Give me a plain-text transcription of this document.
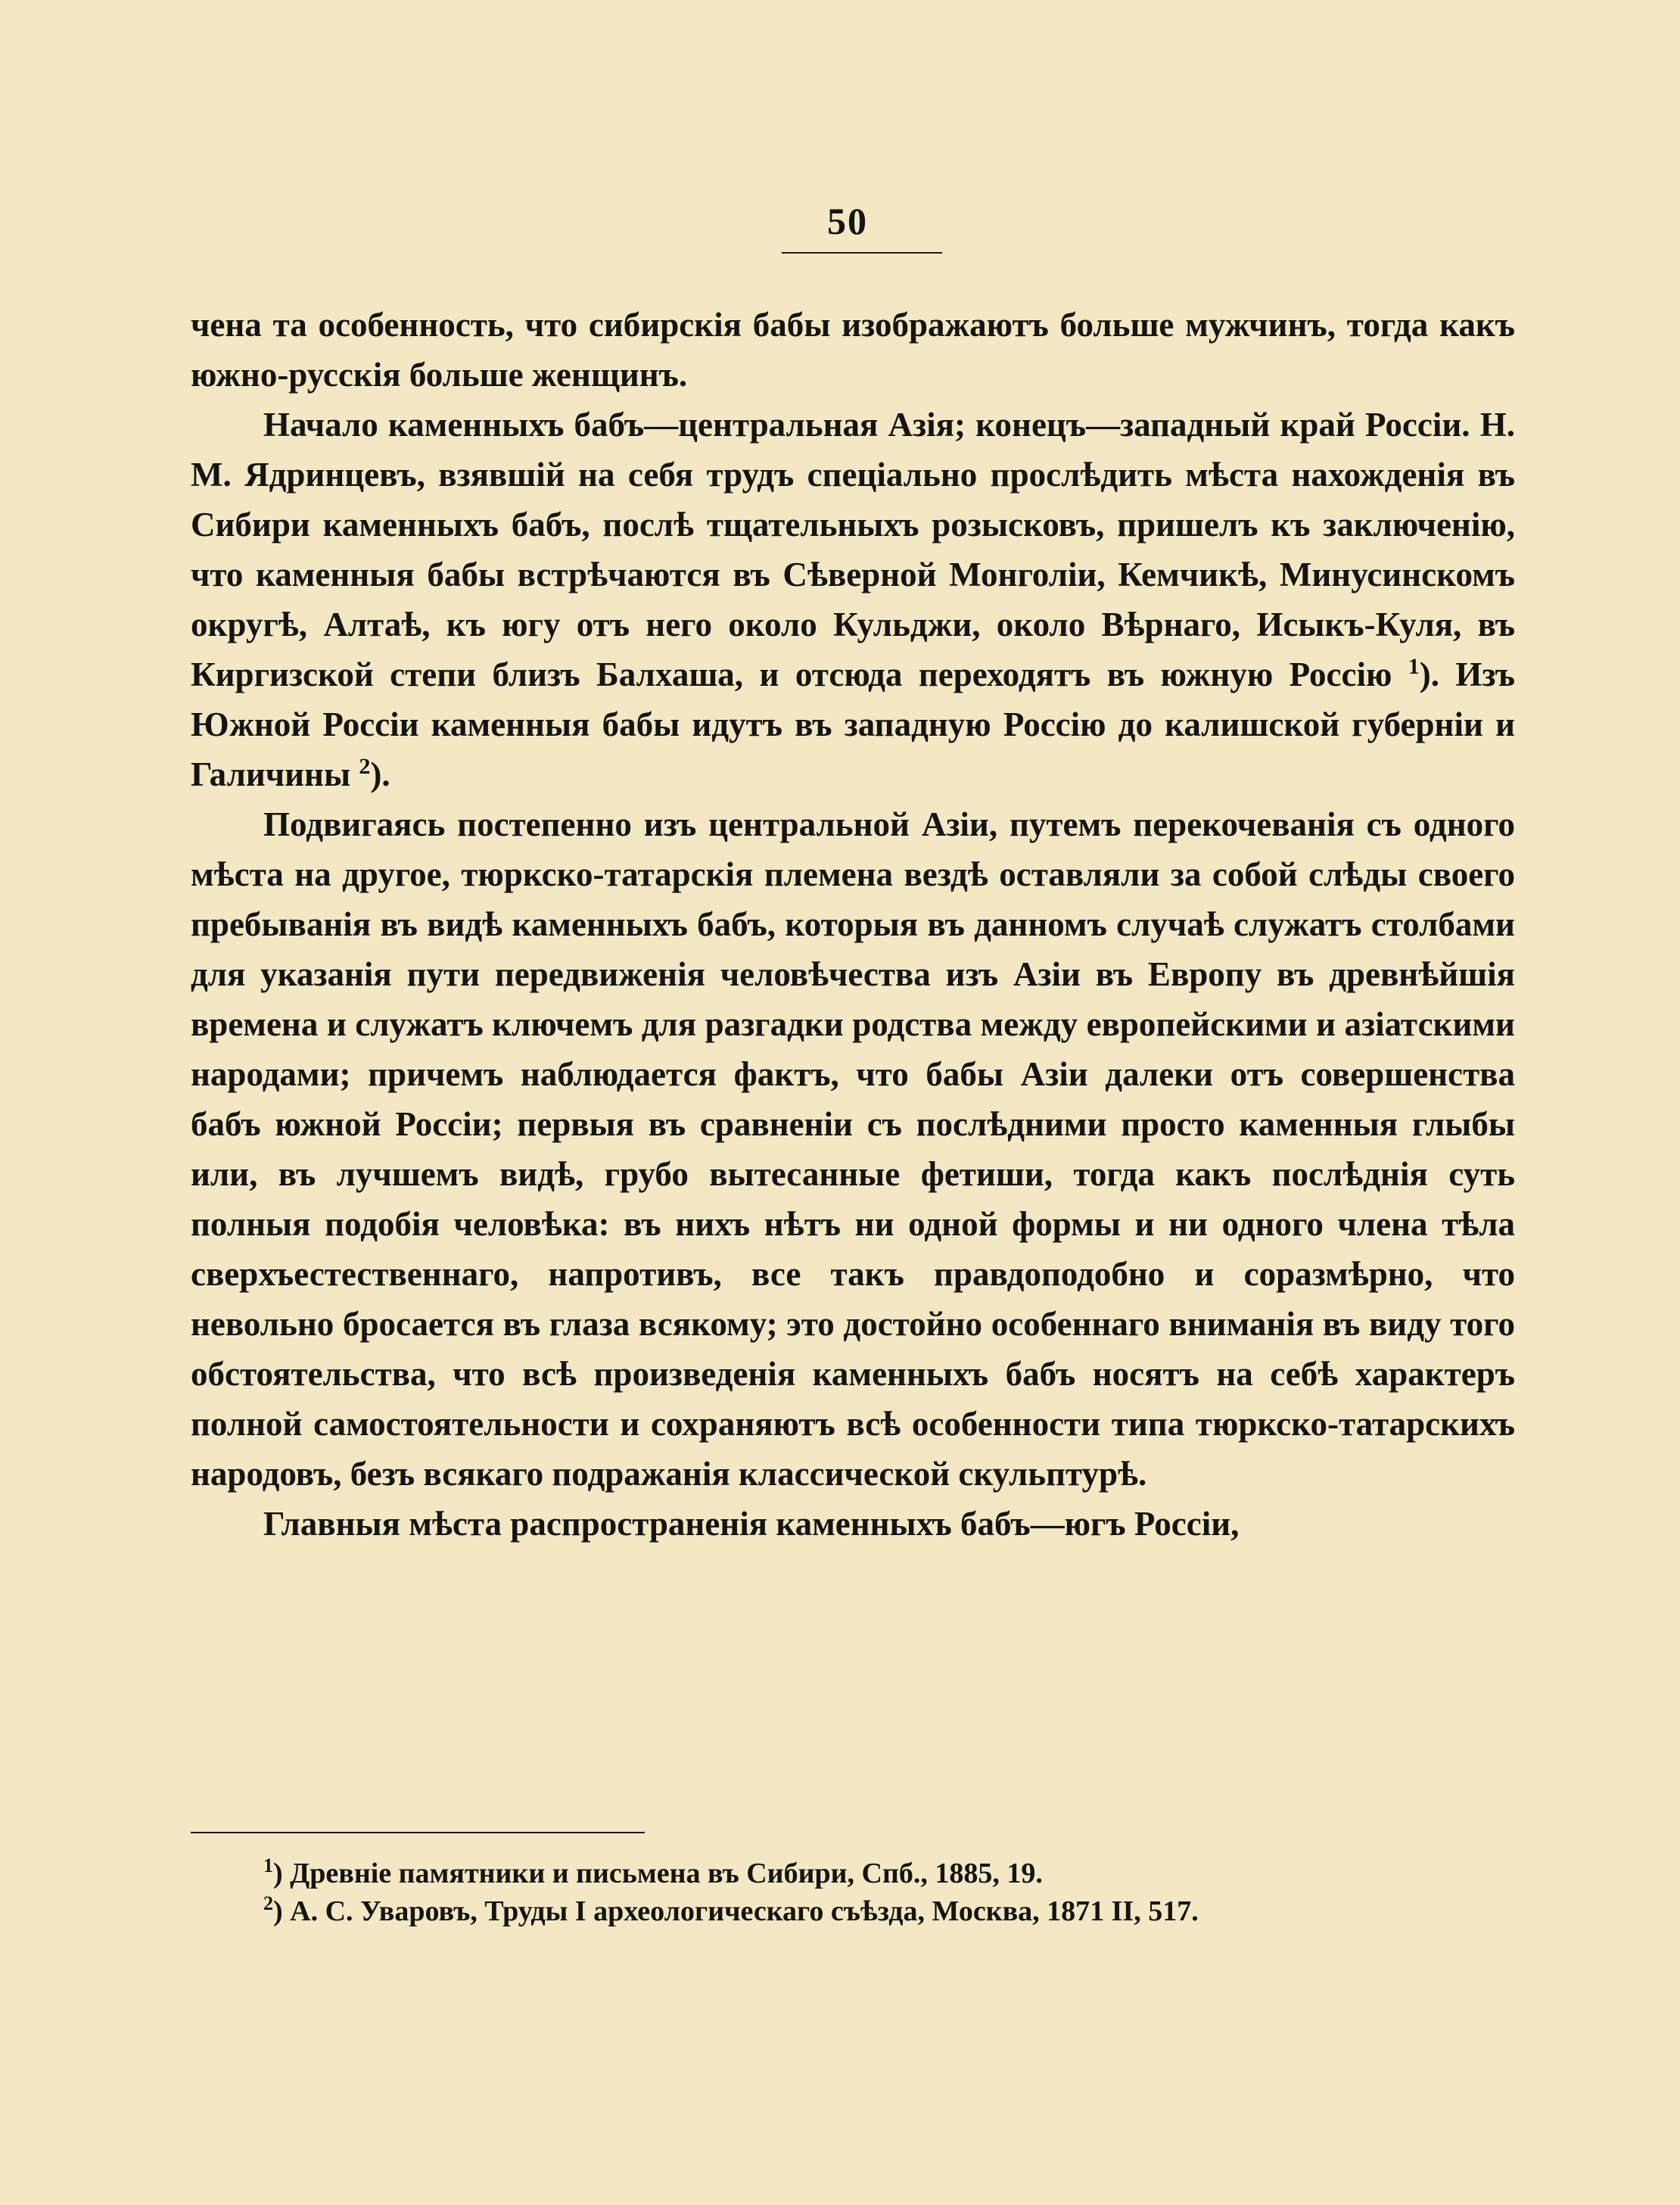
50

чена та особенность, что сибирскія бабы изображаютъ больше мужчинъ, тогда какъ южно-русскія больше женщинъ.

Начало каменныхъ бабъ—центральная Азія; конецъ—западный край Россіи. Н. М. Ядринцевъ, взявшій на себя трудъ спеціально прослѣдить мѣста нахожденія въ Сибири каменныхъ бабъ, послѣ тщательныхъ розысковъ, пришелъ къ заключенію, что каменныя бабы встрѣчаются въ Сѣверной Монголіи, Кемчикѣ, Минусинскомъ округѣ, Алтаѣ, къ югу отъ него около Кульджи, около Вѣрнаго, Исыкъ-Куля, въ Киргизской степи близъ Балхаша, и отсюда переходятъ въ южную Россію $^1$). Изъ Южной Россіи каменныя бабы идутъ въ западную Россію до калишской губерніи и Галичины $^2$).

Подвигаясь постепенно изъ центральной Азіи, путемъ перекочеванія съ одного мѣста на другое, тюркско-татарскія племена вездѣ оставляли за собой слѣды своего пребыванія въ видѣ каменныхъ бабъ, которыя въ данномъ случаѣ служатъ столбами для указанія пути передвиженія человѣчества изъ Азіи въ Европу въ древнѣйшія времена и служатъ ключемъ для разгадки родства между европейскими и азіатскими народами; причемъ наблюдается фактъ, что бабы Азіи далеки отъ совершенства бабъ южной Россіи; первыя въ сравненіи съ послѣдними просто каменныя глыбы или, въ лучшемъ видѣ, грубо вытесанные фетиши, тогда какъ послѣднія суть полныя подобія человѣка: въ нихъ нѣтъ ни одной формы и ни одного члена тѣла сверхъестественнаго, напротивъ, все такъ правдоподобно и соразмѣрно, что невольно бросается въ глаза всякому; это достойно особеннаго вниманія въ виду того обстоятельства, что всѣ произведенія каменныхъ бабъ носятъ на себѣ характеръ полной самостоятельности и сохраняютъ всѣ особенности типа тюркско-татарскихъ народовъ, безъ всякаго подражанія классической скульптурѣ.

Главныя мѣста распространенія каменныхъ бабъ—югъ Россіи,

$^1$) Древніе памятники и письмена въ Сибири, Спб., 1885, 19.

$^2$) А. С. Уваровъ, Труды I археологическаго съѣзда, Москва, 1871 II, 517.
